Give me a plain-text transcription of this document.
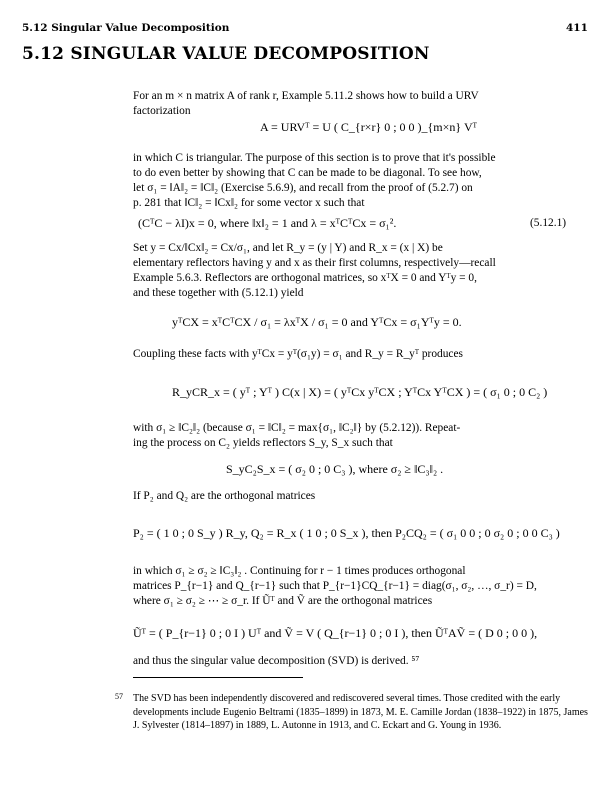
5.12 Singular Value Decomposition	411
5.12 SINGULAR VALUE DECOMPOSITION
For an m × n matrix A of rank r, Example 5.11.2 shows how to build a URV
factorization
A = URVᵀ = U ( C_{r×r} 0 ; 0 0 )_{m×n} Vᵀ
in which C is triangular. The purpose of this section is to prove that it's possible
to do even better by showing that C can be made to be diagonal. To see how,
let σ₁ = ‖A‖₂ = ‖C‖₂ (Exercise 5.6.9), and recall from the proof of (5.2.7) on
p. 281 that ‖C‖₂ = ‖Cx‖₂ for some vector x such that
(CᵀC − λI)x = 0, where ‖x‖₂ = 1 and λ = xᵀCᵀCx = σ₁².	(5.12.1)
Set y = Cx/‖Cx‖₂ = Cx/σ₁, and let R_y = (y | Y) and R_x = (x | X) be
elementary reflectors having y and x as their first columns, respectively—recall
Example 5.6.3. Reflectors are orthogonal matrices, so xᵀX = 0 and Yᵀy = 0,
and these together with (5.12.1) yield
yᵀCX = xᵀCᵀCX / σ₁ = λxᵀX / σ₁ = 0 and YᵀCx = σ₁Yᵀy = 0.
Coupling these facts with yᵀCx = yᵀ(σ₁y) = σ₁ and R_y = R_yᵀ produces
R_yCR_x = ( yᵀ ; Yᵀ ) C(x | X) = ( yᵀCx yᵀCX ; YᵀCx YᵀCX ) = ( σ₁ 0 ; 0 C₂ )
with σ₁ ≥ ‖C₂‖₂ (because σ₁ = ‖C‖₂ = max{σ₁, ‖C₂‖} by (5.2.12)). Repeat-
ing the process on C₂ yields reflectors S_y, S_x such that
S_yC₂S_x = ( σ₂ 0 ; 0 C₃ ), where σ₂ ≥ ‖C₃‖₂ .
If P₂ and Q₂ are the orthogonal matrices
P₂ = ( 1 0 ; 0 S_y ) R_y, Q₂ = R_x ( 1 0 ; 0 S_x ), then P₂CQ₂ = ( σ₁ 0 0 ; 0 σ₂ 0 ; 0 0 C₃ )
in which σ₁ ≥ σ₂ ≥ ‖C₃‖₂ . Continuing for r − 1 times produces orthogonal
matrices P_{r−1} and Q_{r−1} such that P_{r−1}CQ_{r−1} = diag(σ₁, σ₂, …, σ_r) = D,
where σ₁ ≥ σ₂ ≥ ⋯ ≥ σ_r. If Ũᵀ and Ṽ are the orthogonal matrices
Ũᵀ = ( P_{r−1} 0 ; 0 I ) Uᵀ and Ṽ = V ( Q_{r−1} 0 ; 0 I ), then ŨᵀAṼ = ( D 0 ; 0 0 ),
and thus the singular value decomposition (SVD) is derived. ⁵⁷
57 The SVD has been independently discovered and rediscovered several times. Those credited with the early developments include Eugenio Beltrami (1835–1899) in 1873, M. E. Camille Jordan (1838–1922) in 1875, James J. Sylvester (1814–1897) in 1889, L. Autonne in 1913, and C. Eckart and G. Young in 1936.
